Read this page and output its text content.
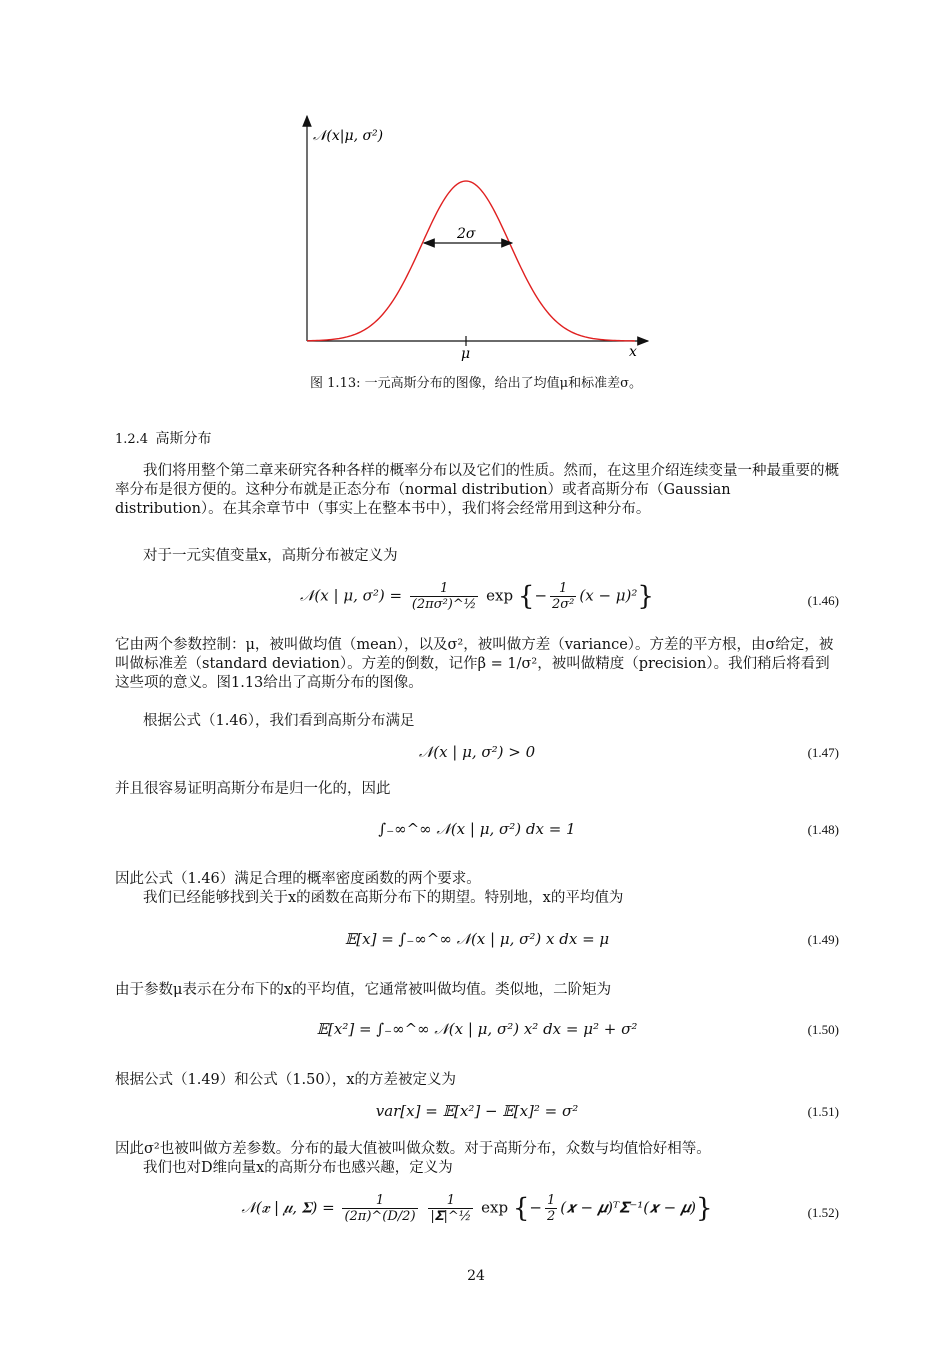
𝒩(x|μ, σ²)
x
μ
2σ
图 1.13: 一元高斯分布的图像，给出了均值μ和标准差σ。
1.2.4 高斯分布
我们将用整个第二章来研究各种各样的概率分布以及它们的性质。然而，在这里介绍连续变量一种最重要的概率分布是很方便的。这种分布就是正态分布（normal distribution）或者高斯分布（Gaussian distribution）。在其余章节中（事实上在整本书中），我们将会经常用到这种分布。
对于一元实值变量x，高斯分布被定义为
𝒩(x | μ, $\sigma^2) = \frac{1}{\text{(2πσ²)\textasciicircum{}½}}$ exp {− $\frac{1}{\text{2σ²}} (x - \mu)^2$}	(1.46)
它由两个参数控制：μ，被叫做均值（mean），以及σ²，被叫做方差（variance）。方差的平方根，由σ给定，被叫做标准差（standard deviation）。方差的倒数，记作β = 1/σ²，被叫做精度（precision）。我们稍后将看到这些项的意义。图1.13给出了高斯分布的图像。
根据公式（1.46），我们看到高斯分布满足
𝒩(x | μ, σ²) > 0	(1.47)
并且很容易证明高斯分布是归一化的，因此
∫₋∞^∞ 𝒩(x | μ, σ²) dx = 1	(1.48)
因此公式（1.46）满足合理的概率密度函数的两个要求。
我们已经能够找到关于x的函数在高斯分布下的期望。特别地，x的平均值为
𝔼[x] = ∫₋∞^∞ 𝒩(x | μ, σ²) x dx = μ	(1.49)
由于参数μ表示在分布下的x的平均值，它通常被叫做均值。类似地，二阶矩为
𝔼[x²] = ∫₋∞^∞ 𝒩(x | μ, σ²) x² dx = μ² + σ²	(1.50)
根据公式（1.49）和公式（1.50），x的方差被定义为
var[x] = 𝔼[x²] − 𝔼[x]² = σ²	(1.51)
因此σ²也被叫做方差参数。分布的最大值被叫做众数。对于高斯分布，众数与均值恰好相等。
我们也对D维向量x的高斯分布也感兴趣，定义为
𝒩(𝒙 | 𝝁, 𝚺) = $\frac{1}{(2\pi)\^{}(D/2)}$
$\frac{1}{\text{|𝚺|\textasciicircum{}½}}$ exp {− $\frac{1}{2}$ (𝒙 − 𝝁)ᵀ𝚺⁻¹(𝒙 − 𝝁)}	(1.52)
24
